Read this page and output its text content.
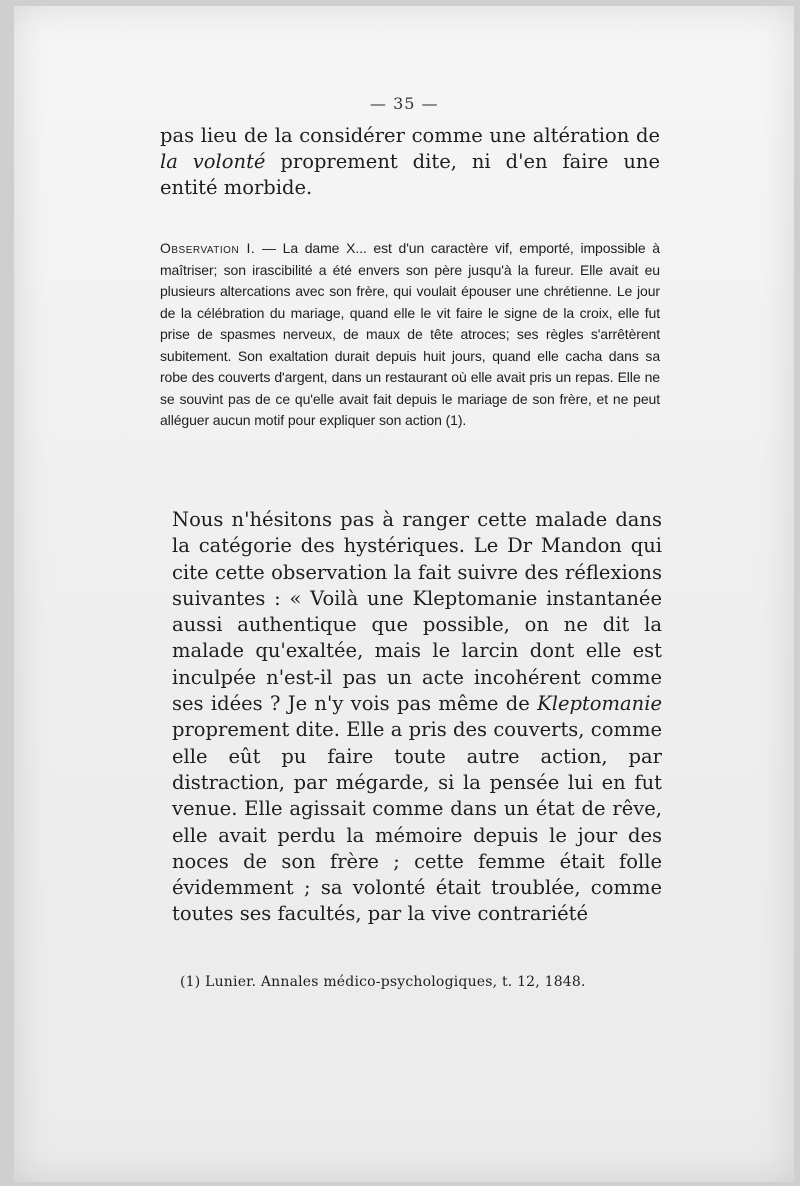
— 35 —
pas lieu de la considérer comme une altération de la volonté proprement dite, ni d'en faire une entité morbide.
Observation I. — La dame X... est d'un caractère vif, emporté, impossible à maîtriser; son irascibilité a été envers son père jusqu'à la fureur. Elle avait eu plusieurs altercations avec son frère, qui voulait épouser une chrétienne. Le jour de la célébration du mariage, quand elle le vit faire le signe de la croix, elle fut prise de spasmes nerveux, de maux de tête atroces; ses règles s'arrêtèrent subitement. Son exaltation durait depuis huit jours, quand elle cacha dans sa robe des couverts d'argent, dans un restaurant où elle avait pris un repas. Elle ne se souvint pas de ce qu'elle avait fait depuis le mariage de son frère, et ne peut alléguer aucun motif pour expliquer son action (1).
Nous n'hésitons pas à ranger cette malade dans la catégorie des hystériques. Le Dr Mandon qui cite cette observation la fait suivre des réflexions suivantes : « Voilà une Kleptomanie instantanée aussi authentique que possible, on ne dit la malade qu'exaltée, mais le larcin dont elle est inculpée n'est-il pas un acte incohérent comme ses idées ? Je n'y vois pas même de Kleptomanie proprement dite. Elle a pris des couverts, comme elle eût pu faire toute autre action, par distraction, par mégarde, si la pensée lui en fut venue. Elle agissait comme dans un état de rêve, elle avait perdu la mémoire depuis le jour des noces de son frère ; cette femme était folle évidemment ; sa volonté était troublée, comme toutes ses facultés, par la vive contrariété
(1) Lunier. Annales médico-psychologiques, t. 12, 1848.
